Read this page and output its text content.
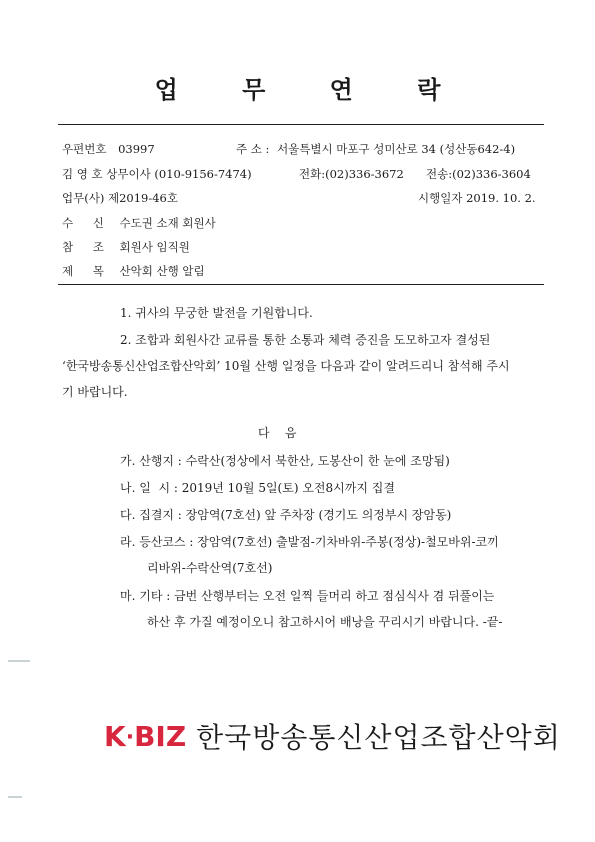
업 무 연 락
우편번호 03997	주 소 : 서울특별시 마포구 성미산로 34 (성산동642-4)
김 영 호 상무이사 (010-9156-7474)	전화:(02)336-3672 전송:(02)336-3604
업무(사) 제2019-46호	시행일자 2019. 10. 2.
수 신 수도권 소재 회원사
참 조 회원사 임직원
제 목 산악회 산행 알림
1. 귀사의 무궁한 발전을 기원합니다.
2. 조합과 회원사간 교류를 통한 소통과 체력 증진을 도모하고자 결성된
‘한국방송통신산업조합산악회’ 10월 산행 일정을 다음과 같이 알려드리니 참석해 주시
기 바랍니다.
다    음
가. 산행지 : 수락산(정상에서 북한산, 도봉산이 한 눈에 조망됨)
나. 일  시 : 2019년 10월 5일(토) 오전8시까지 집결
다. 집결지 : 장암역(7호선) 앞 주차장 (경기도 의정부시 장암동)
라. 등산코스 : 장암역(7호선) 출발점-기차바위-주봉(정상)-철모바위-코끼
리바위-수락산역(7호선)
마. 기타 : 금번 산행부터는 오전 일찍 들머리 하고 점심식사 겸 뒤풀이는
하산 후 가질 예정이오니 참고하시어 배낭을 꾸리시기 바랍니다. -끝-
K·BIZ 한국방송통신산업조합산악회
